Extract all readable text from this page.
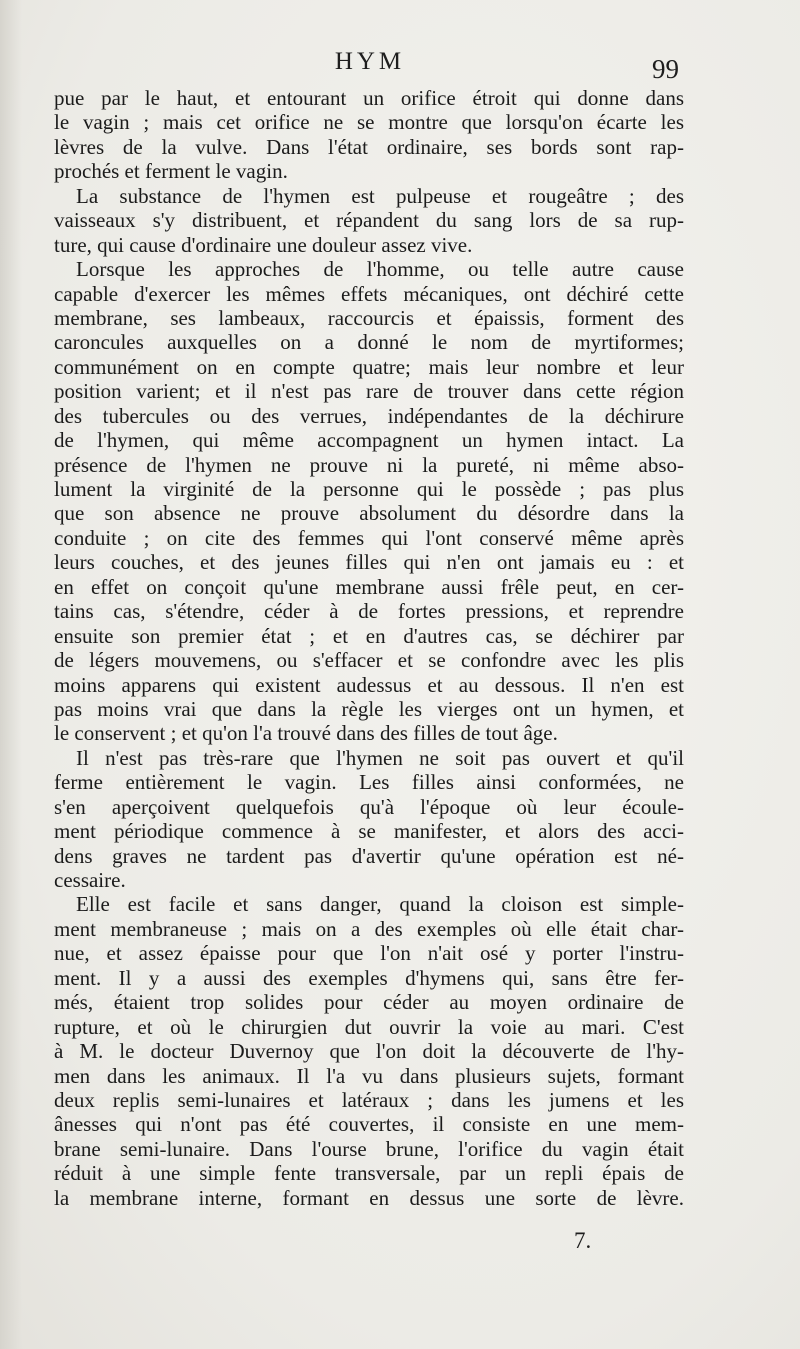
HYM	99
pue par le haut, et entourant un orifice étroit qui donne dans
le vagin ; mais cet orifice ne se montre que lorsqu'on écarte les
lèvres de la vulve. Dans l'état ordinaire, ses bords sont rap-
prochés et ferment le vagin.
La substance de l'hymen est pulpeuse et rougeâtre ; des
vaisseaux s'y distribuent, et répandent du sang lors de sa rup-
ture, qui cause d'ordinaire une douleur assez vive.
Lorsque les approches de l'homme, ou telle autre cause
capable d'exercer les mêmes effets mécaniques, ont déchiré cette
membrane, ses lambeaux, raccourcis et épaissis, forment des
caroncules auxquelles on a donné le nom de myrtiformes;
communément on en compte quatre; mais leur nombre et leur
position varient; et il n'est pas rare de trouver dans cette région
des tubercules ou des verrues, indépendantes de la déchirure
de l'hymen, qui même accompagnent un hymen intact. La
présence de l'hymen ne prouve ni la pureté, ni même abso-
lument la virginité de la personne qui le possède ; pas plus
que son absence ne prouve absolument du désordre dans la
conduite ; on cite des femmes qui l'ont conservé même après
leurs couches, et des jeunes filles qui n'en ont jamais eu : et
en effet on conçoit qu'une membrane aussi frêle peut, en cer-
tains cas, s'étendre, céder à de fortes pressions, et reprendre
ensuite son premier état ; et en d'autres cas, se déchirer par
de légers mouvemens, ou s'effacer et se confondre avec les plis
moins apparens qui existent audessus et au dessous. Il n'en est
pas moins vrai que dans la règle les vierges ont un hymen, et
le conservent ; et qu'on l'a trouvé dans des filles de tout âge.
Il n'est pas très-rare que l'hymen ne soit pas ouvert et qu'il
ferme entièrement le vagin. Les filles ainsi conformées, ne
s'en aperçoivent quelquefois qu'à l'époque où leur écoule-
ment périodique commence à se manifester, et alors des acci-
dens graves ne tardent pas d'avertir qu'une opération est né-
cessaire.
Elle est facile et sans danger, quand la cloison est simple-
ment membraneuse ; mais on a des exemples où elle était char-
nue, et assez épaisse pour que l'on n'ait osé y porter l'instru-
ment. Il y a aussi des exemples d'hymens qui, sans être fer-
més, étaient trop solides pour céder au moyen ordinaire de
rupture, et où le chirurgien dut ouvrir la voie au mari. C'est
à M. le docteur Duvernoy que l'on doit la découverte de l'hy-
men dans les animaux. Il l'a vu dans plusieurs sujets, formant
deux replis semi-lunaires et latéraux ; dans les jumens et les
ânesses qui n'ont pas été couvertes, il consiste en une mem-
brane semi-lunaire. Dans l'ourse brune, l'orifice du vagin était
réduit à une simple fente transversale, par un repli épais de
la membrane interne, formant en dessus une sorte de lèvre.
7.
